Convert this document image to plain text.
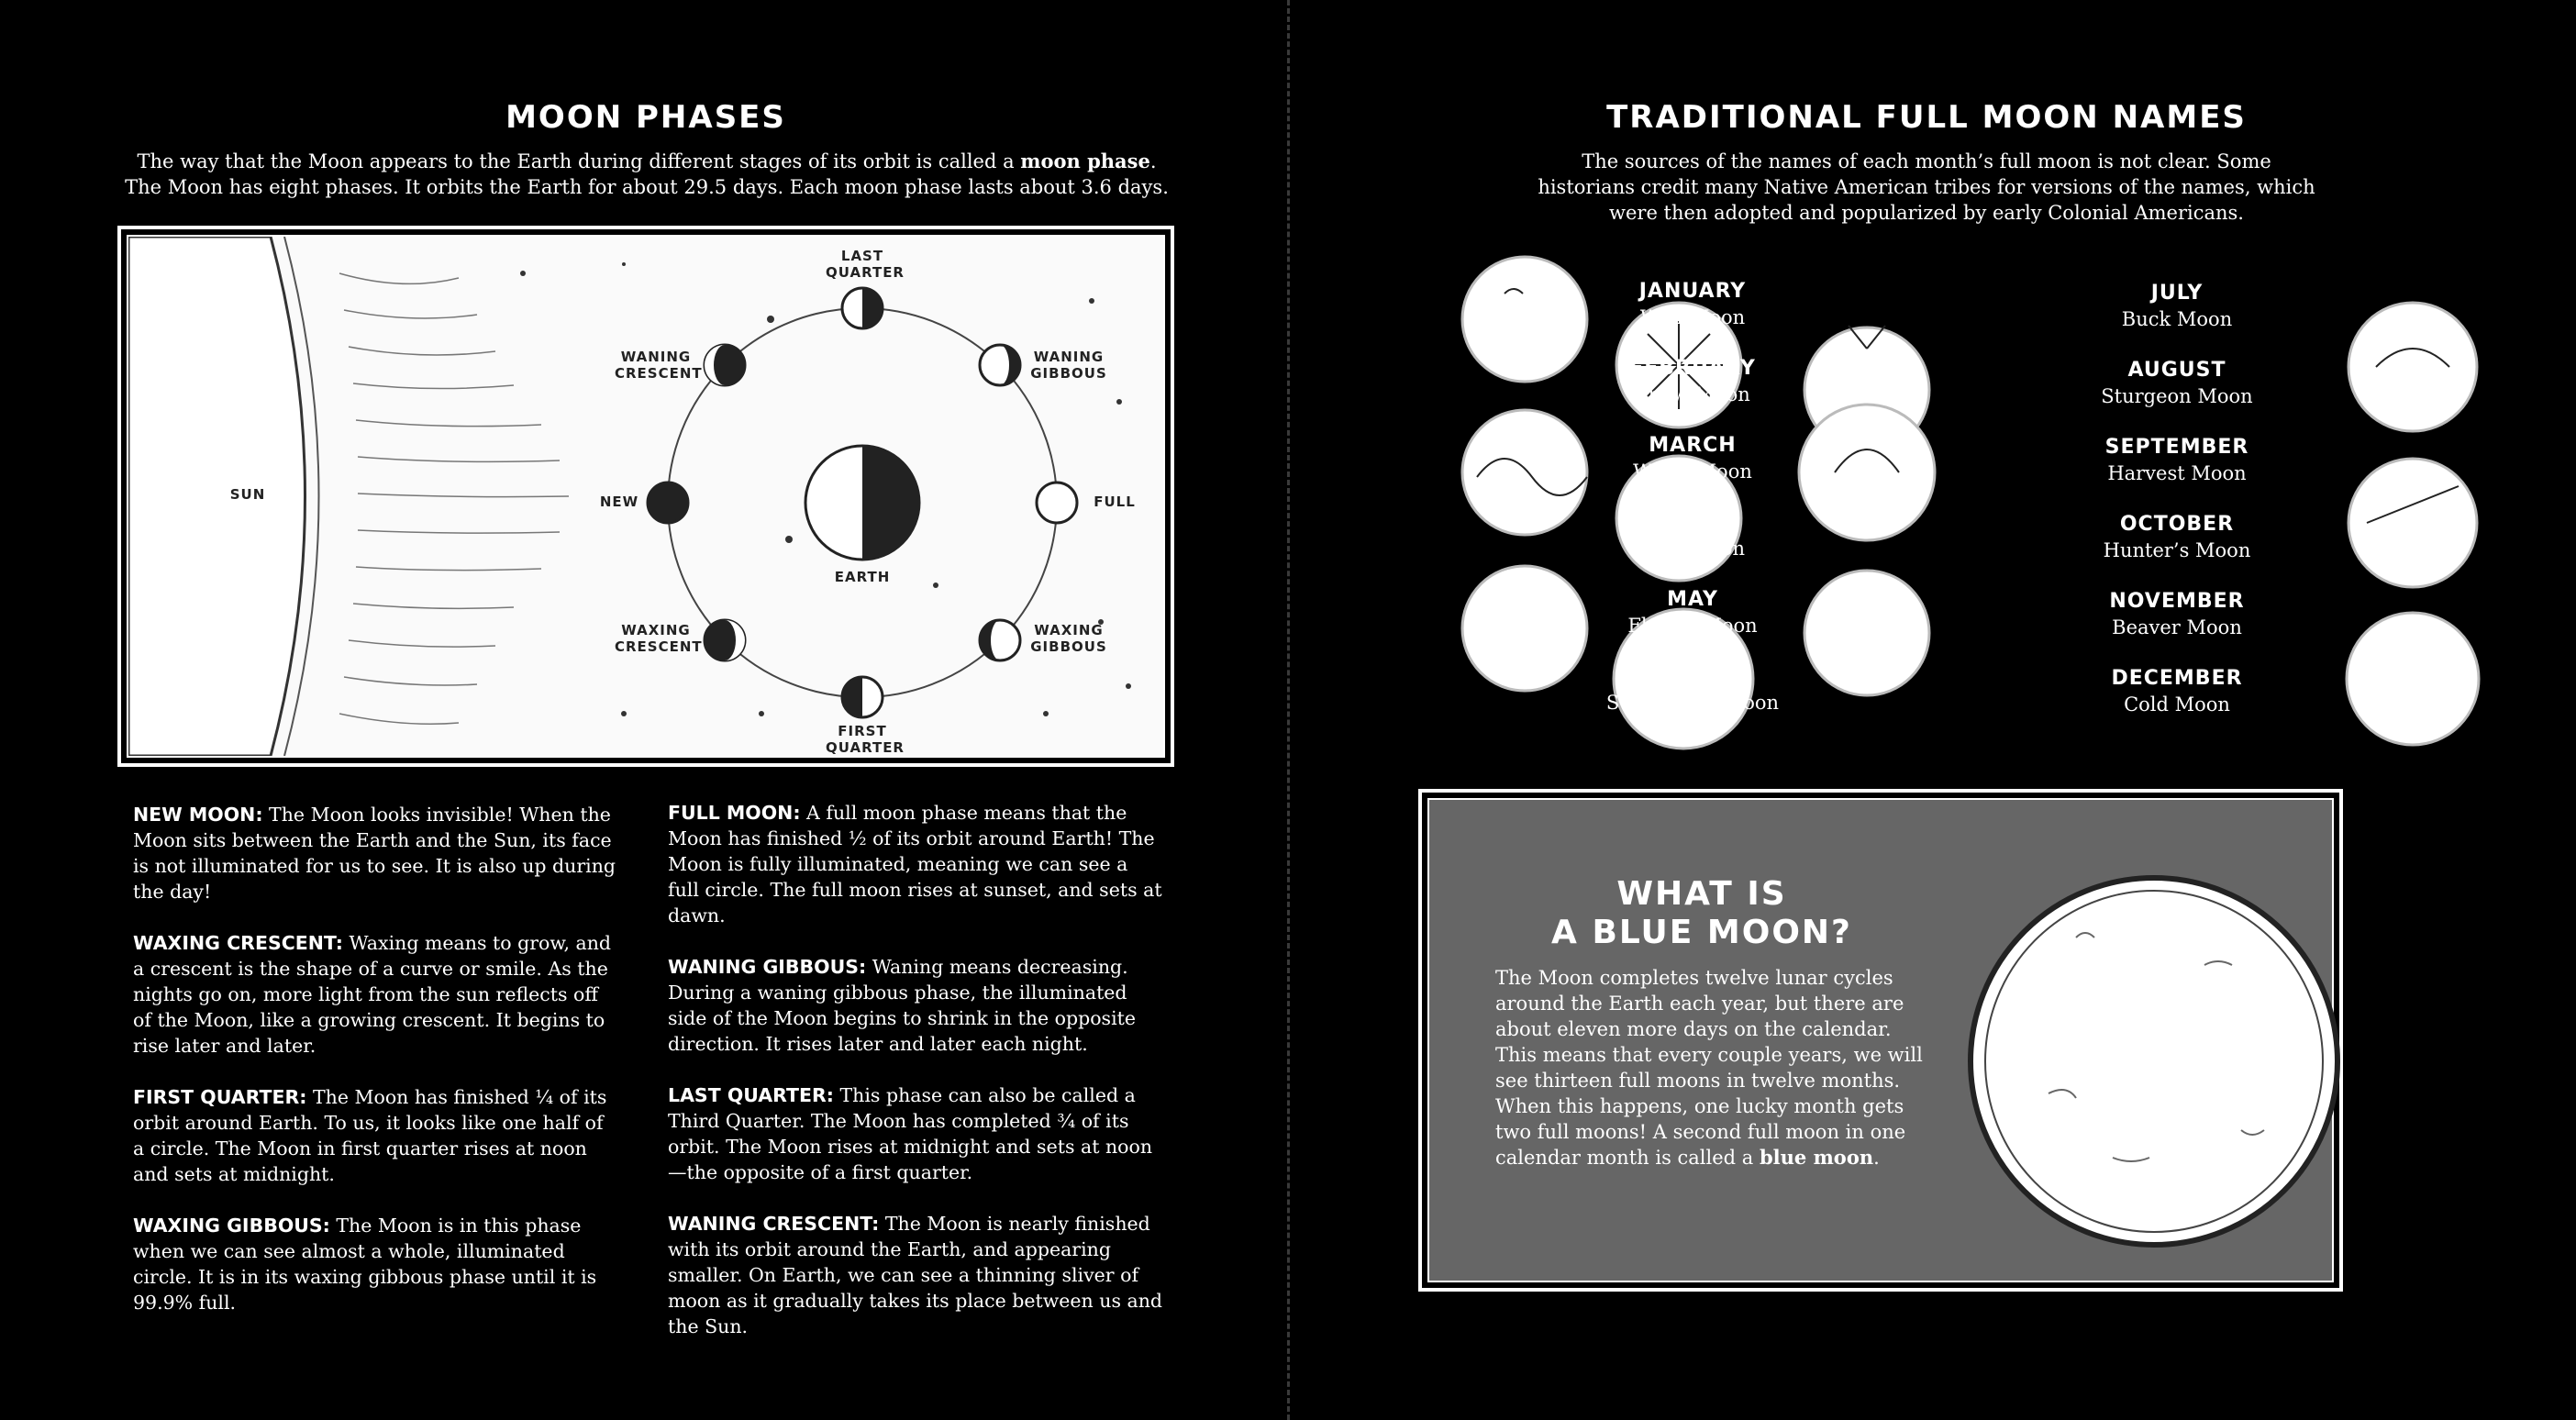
MOON PHASES

The way that the Moon appears to the Earth during different stages of its orbit is called a moon phase.

The Moon has eight phases. It orbits the Earth for about 29.5 days. Each moon phase lasts about 3.6 days.

SUN
EARTH
LAST QUARTER
WANING CRESCENT
WANING GIBBOUS
NEW	FULL
WAXING CRESCENT
WAXING GIBBOUS
FIRST QUARTER
NEW MOON: The Moon looks invisible! When the Moon sits between the Earth and the Sun, its face is not illuminated for us to see. It is also up during the day!
WAXING CRESCENT: Waxing means to grow, and a crescent is the shape of a curve or smile. As the nights go on, more light from the sun reflects off of the Moon, like a growing crescent. It begins to rise later and later.
FIRST QUARTER: The Moon has finished ¼ of its orbit around Earth. To us, it looks like one half of a circle. The Moon in first quarter rises at noon and sets at midnight.
WAXING GIBBOUS: The Moon is in this phase when we can see almost a whole, illuminated circle. It is in its waxing gibbous phase until it is 99.9% full.
FULL MOON: A full moon phase means that the Moon has finished ½ of its orbit around Earth! The Moon is fully illuminated, meaning we can see a full circle. The full moon rises at sunset, and sets at dawn.
WANING GIBBOUS: Waning means decreasing. During a waning gibbous phase, the illuminated side of the Moon begins to shrink in the opposite direction. It rises later and later each night.
LAST QUARTER: This phase can also be called a Third Quarter. The Moon has completed ¾ of its orbit. The Moon rises at midnight and sets at noon—the opposite of a first quarter.
WANING CRESCENT: The Moon is nearly finished with its orbit around the Earth, and appearing smaller. On Earth, we can see a thinning sliver of moon as it gradually takes its place between us and the Sun.
TRADITIONAL FULL MOON NAMES

The sources of the names of each month’s full moon is not clear. Some historians credit many Native American tribes for versions of the names, which were then adopted and popularized by early Colonial Americans.

JANUARY
Wolf Moon
FEBRUARY
Snow Moon
MARCH
Worm Moon
APRIL
Pink Moon
MAY
Flower Moon
JUNE
Strawberry Moon
JULY
Buck Moon
AUGUST
Sturgeon Moon
SEPTEMBER
Harvest Moon
OCTOBER
Hunter’s Moon
NOVEMBER
Beaver Moon
DECEMBER
Cold Moon
WHAT IS
A BLUE MOON?

The Moon completes twelve lunar cycles around the Earth each year, but there are about eleven more days on the calendar. This means that every couple years, we will see thirteen full moons in twelve months. When this happens, one lucky month gets two full moons! A second full moon in one calendar month is called a blue moon.
